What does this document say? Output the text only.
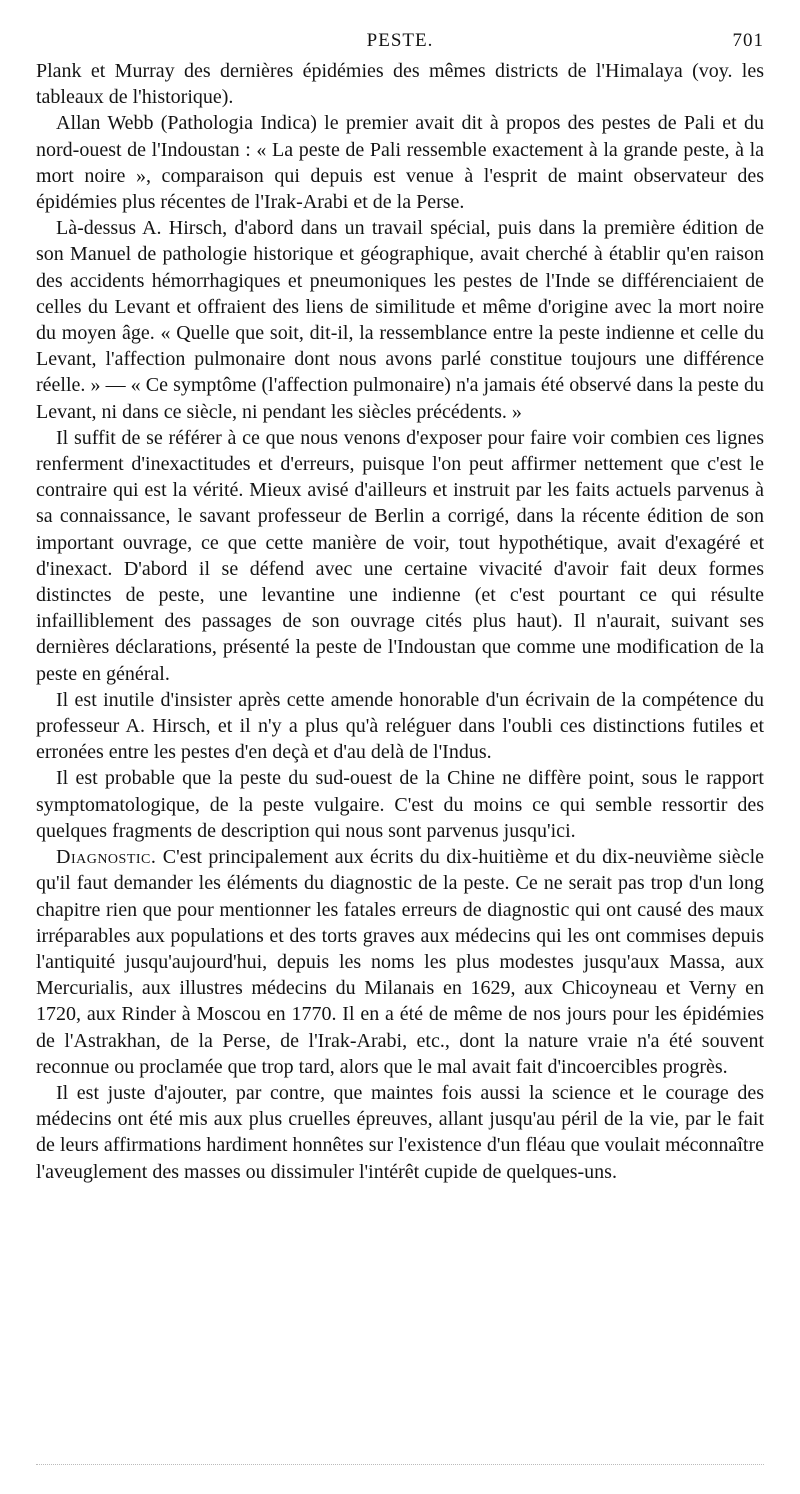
PESTE.	701

Plank et Murray des dernières épidémies des mêmes districts de l'Himalaya (voy. les tableaux de l'historique).

Allan Webb (Pathologia Indica) le premier avait dit à propos des pestes de Pali et du nord-ouest de l'Indoustan : « La peste de Pali ressemble exactement à la grande peste, à la mort noire », comparaison qui depuis est venue à l'esprit de maint observateur des épidémies plus récentes de l'Irak-Arabi et de la Perse.

Là-dessus A. Hirsch, d'abord dans un travail spécial, puis dans la première édition de son Manuel de pathologie historique et géographique, avait cherché à établir qu'en raison des accidents hémorrhagiques et pneumoniques les pestes de l'Inde se différenciaient de celles du Levant et offraient des liens de similitude et même d'origine avec la mort noire du moyen âge. « Quelle que soit, dit-il, la ressemblance entre la peste indienne et celle du Levant, l'affection pulmonaire dont nous avons parlé constitue toujours une différence réelle. » — « Ce symptôme (l'affection pulmonaire) n'a jamais été observé dans la peste du Levant, ni dans ce siècle, ni pendant les siècles précédents. »

Il suffit de se référer à ce que nous venons d'exposer pour faire voir combien ces lignes renferment d'inexactitudes et d'erreurs, puisque l'on peut affirmer nettement que c'est le contraire qui est la vérité. Mieux avisé d'ailleurs et instruit par les faits actuels parvenus à sa connaissance, le savant professeur de Berlin a corrigé, dans la récente édition de son important ouvrage, ce que cette manière de voir, tout hypothétique, avait d'exagéré et d'inexact. D'abord il se défend avec une certaine vivacité d'avoir fait deux formes distinctes de peste, une levantine une indienne (et c'est pourtant ce qui résulte infailliblement des passages de son ouvrage cités plus haut). Il n'aurait, suivant ses dernières déclarations, présenté la peste de l'Indoustan que comme une modification de la peste en général.

Il est inutile d'insister après cette amende honorable d'un écrivain de la compétence du professeur A. Hirsch, et il n'y a plus qu'à reléguer dans l'oubli ces distinctions futiles et erronées entre les pestes d'en deçà et d'au delà de l'Indus.

Il est probable que la peste du sud-ouest de la Chine ne diffère point, sous le rapport symptomatologique, de la peste vulgaire. C'est du moins ce qui semble ressortir des quelques fragments de description qui nous sont parvenus jusqu'ici.

Diagnostic. C'est principalement aux écrits du dix-huitième et du dix-neuvième siècle qu'il faut demander les éléments du diagnostic de la peste. Ce ne serait pas trop d'un long chapitre rien que pour mentionner les fatales erreurs de diagnostic qui ont causé des maux irréparables aux populations et des torts graves aux médecins qui les ont commises depuis l'antiquité jusqu'aujourd'hui, depuis les noms les plus modestes jusqu'aux Massa, aux Mercurialis, aux illustres médecins du Milanais en 1629, aux Chicoyneau et Verny en 1720, aux Rinder à Moscou en 1770. Il en a été de même de nos jours pour les épidémies de l'Astrakhan, de la Perse, de l'Irak-Arabi, etc., dont la nature vraie n'a été souvent reconnue ou proclamée que trop tard, alors que le mal avait fait d'incoercibles progrès.

Il est juste d'ajouter, par contre, que maintes fois aussi la science et le courage des médecins ont été mis aux plus cruelles épreuves, allant jusqu'au péril de la vie, par le fait de leurs affirmations hardiment honnêtes sur l'existence d'un fléau que voulait méconnaître l'aveuglement des masses ou dissimuler l'intérêt cupide de quelques-uns.
